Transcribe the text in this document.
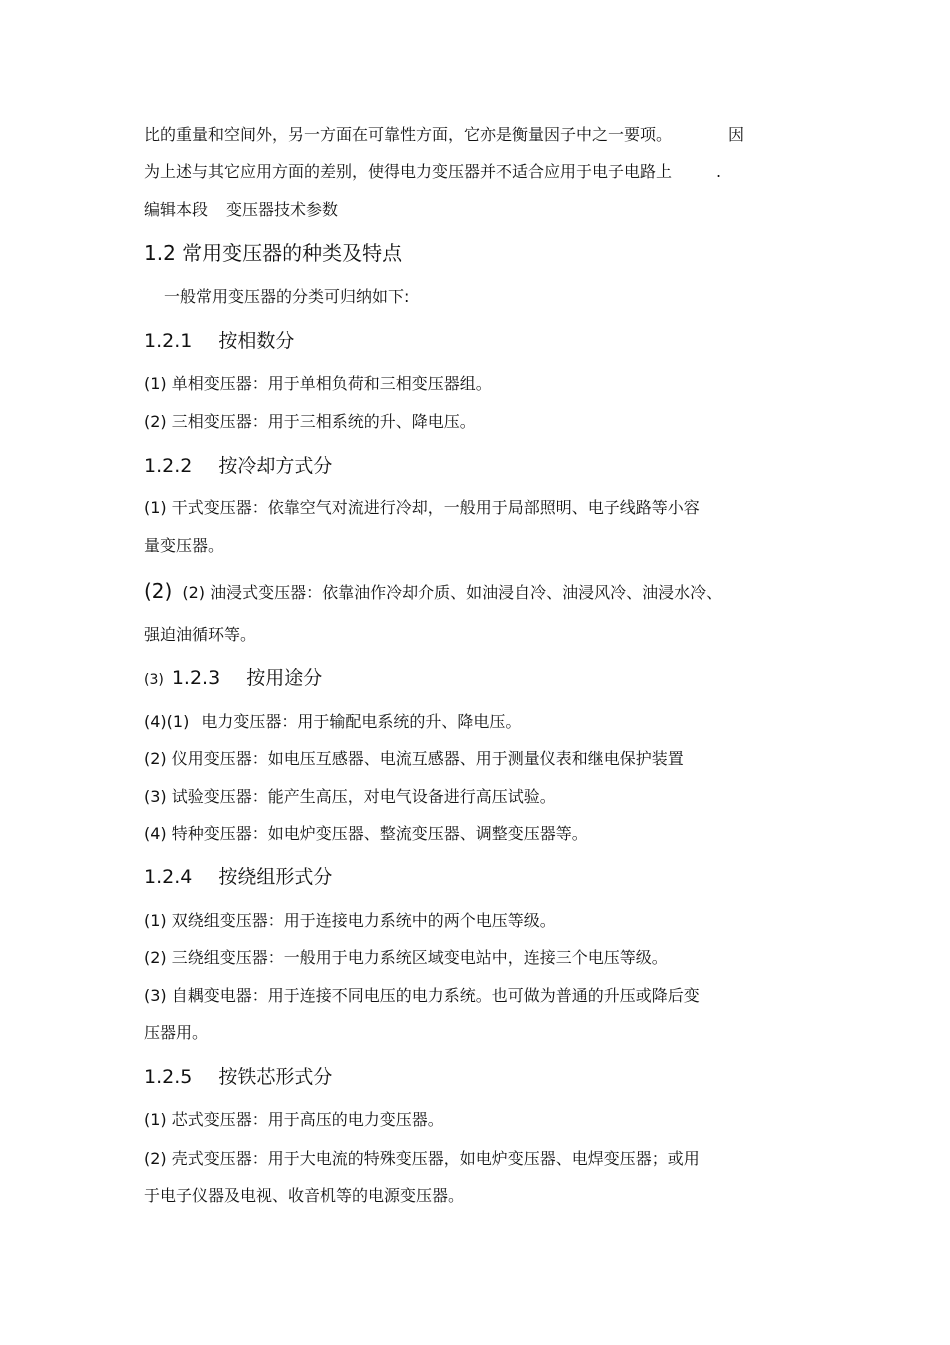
比的重量和空间外，另一方面在可靠性方面，它亦是衡量因子中之一要项。	因
为上述与其它应用方面的差别，使得电力变压器并不适合应用于电子电路上	.
编辑本段 变压器技术参数
1.2 常用变压器的种类及特点
一般常用变压器的分类可归纳如下:
1.2.1 按相数分
(1) 单相变压器：用于单相负荷和三相变压器组。
(2) 三相变压器：用于三相系统的升、降电压。
1.2.2 按冷却方式分
(1) 干式变压器：依靠空气对流进行冷却，一般用于局部照明、电子线路等小容
量变压器。
(2) (2) 油浸式变压器：依靠油作冷却介质、如油浸自冷、油浸风冷、油浸水冷、
强迫油循环等。
(3) 1.2.3 按用途分
(4)(1) 电力变压器：用于输配电系统的升、降电压。
(2) 仪用变压器：如电压互感器、电流互感器、用于测量仪表和继电保护装置
(3) 试验变压器：能产生高压，对电气设备进行高压试验。
(4) 特种变压器：如电炉变压器、整流变压器、调整变压器等。
1.2.4 按绕组形式分
(1) 双绕组变压器：用于连接电力系统中的两个电压等级。
(2) 三绕组变压器：一般用于电力系统区域变电站中，连接三个电压等级。
(3) 自耦变电器：用于连接不同电压的电力系统。也可做为普通的升压或降后变
压器用。
1.2.5 按铁芯形式分
(1) 芯式变压器：用于高压的电力变压器。
(2) 壳式变压器：用于大电流的特殊变压器，如电炉变压器、电焊变压器；或用
于电子仪器及电视、收音机等的电源变压器。
